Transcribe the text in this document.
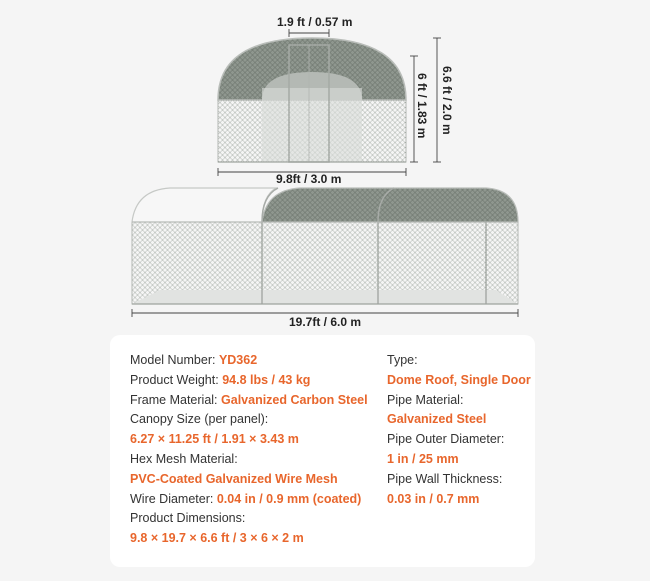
1.9 ft / 0.57 m
9.8ft / 3.0 m
6 ft / 1.83 m 6.6 ft / 2.0 m
19.7ft / 6.0 m
Model Number: YD362
Product Weight: 94.8 lbs / 43 kg
Frame Material: Galvanized Carbon Steel
Canopy Size (per panel):
6.27 × 11.25 ft / 1.91 × 3.43 m
Hex Mesh Material:
PVC-Coated Galvanized Wire Mesh
Wire Diameter: 0.04 in / 0.9 mm (coated)
Product Dimensions:
9.8 × 19.7 × 6.6 ft / 3 × 6 × 2 m
Type:
Dome Roof, Single Door
Pipe Material:
Galvanized Steel
Pipe Outer Diameter:
1 in / 25 mm
Pipe Wall Thickness:
0.03 in / 0.7 mm
